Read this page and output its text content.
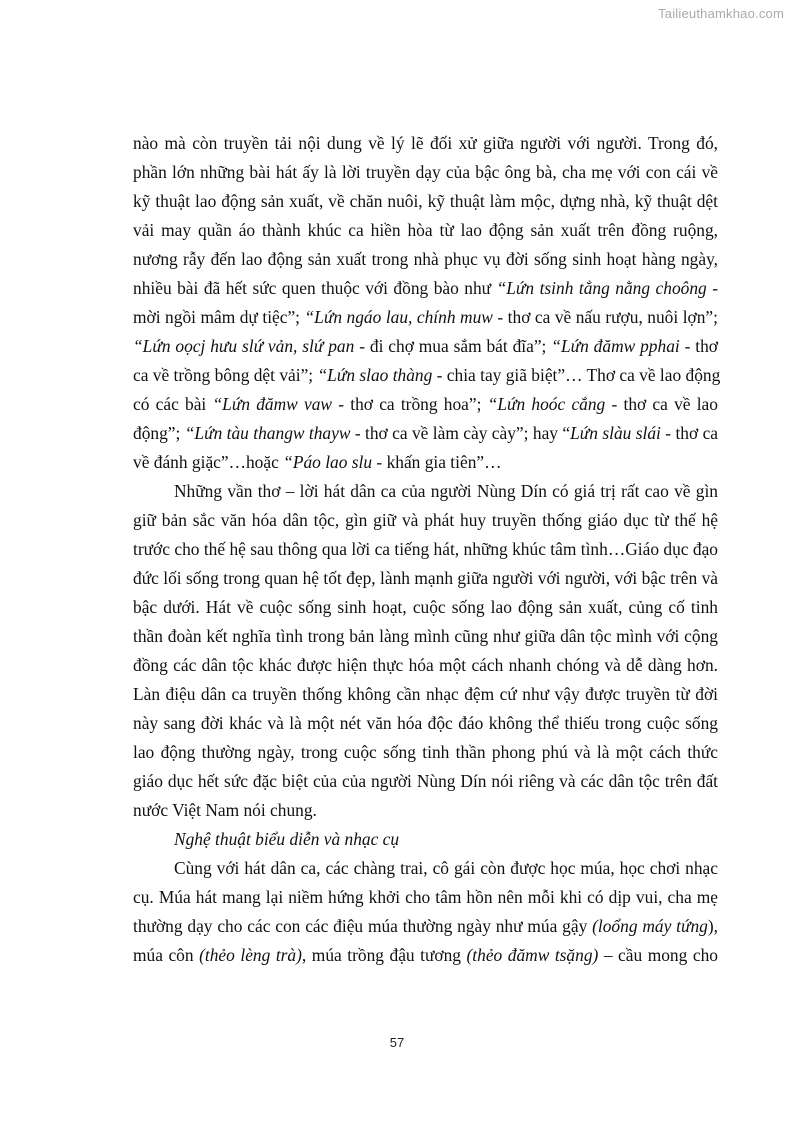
Tailieuthamkhao.com
nào mà còn truyền tải nội dung về lý lẽ đối xử giữa người với người. Trong đó,
phần lớn những bài hát ấy là lời truyền dạy của bậc ông bà, cha mẹ với con cái về
kỹ thuật lao động sản xuất, về chăn nuôi, kỹ thuật làm mộc, dựng nhà, kỹ thuật dệt
vải may quần áo thành khúc ca hiền hòa từ lao động sản xuất trên đồng ruộng,
nương rẫy đến lao động sản xuất trong nhà phục vụ đời sống sinh hoạt hàng ngày,
nhiều bài đã hết sức quen thuộc với đồng bào như “Lứn tsinh tẳng nằng choông -
mời ngồi mâm dự tiệc”; “Lứn ngáo lau, chính muw - thơ ca về nấu rượu, nuôi lợn”;
“Lứn oọcj hưu slứ vản, slứ pan - đi chợ mua sắm bát đĩa”; “Lứn đămw pphai - thơ
ca về trồng bông dệt vải”; “Lứn slao thàng - chia tay giã biệt”… Thơ ca về lao động
có các bài “Lứn đămw vaw - thơ ca trồng hoa”; “Lứn hoóc cắng - thơ ca về lao
động”; “Lứn tàu thangw thayw - thơ ca về làm cày cày”; hay “Lứn slàu slái - thơ ca
về đánh giặc”…hoặc “Páo lao slu - khấn gia tiên”…
Những vần thơ – lời hát dân ca của người Nùng Dín có giá trị rất cao về gìn
giữ bản sắc văn hóa dân tộc, gìn giữ và phát huy truyền thống giáo dục từ thế hệ
trước cho thế hệ sau thông qua lời ca tiếng hát, những khúc tâm tình…Giáo dục đạo
đức lối sống trong quan hệ tốt đẹp, lành mạnh giữa người với người, với bậc trên và
bậc dưới. Hát về cuộc sống sinh hoạt, cuộc sống lao động sản xuất, củng cố tinh
thần đoàn kết nghĩa tình trong bản làng mình cũng như giữa dân tộc mình với cộng
đồng các dân tộc khác được hiện thực hóa một cách nhanh chóng và dễ dàng hơn.
Làn điệu dân ca truyền thống không cần nhạc đệm cứ như vậy được truyền từ đời
này sang đời khác và là một nét văn hóa độc đáo không thể thiếu trong cuộc sống
lao động thường ngày, trong cuộc sống tinh thần phong phú và là một cách thức
giáo dục hết sức đặc biệt của của người Nùng Dín nói riêng và các dân tộc trên đất
nước Việt Nam nói chung.
Nghệ thuật biểu diễn và nhạc cụ
Cùng với hát dân ca, các chàng trai, cô gái còn được học múa, học chơi nhạc
cụ. Múa hát mang lại niềm hứng khởi cho tâm hồn nên mỗi khi có dịp vui, cha mẹ
thường dạy cho các con các điệu múa thường ngày như múa gậy (loổng máy tứng),
múa côn (thẻo lèng trà), múa trồng đậu tương (thẻo đămw tsặng) – cầu mong cho
57
